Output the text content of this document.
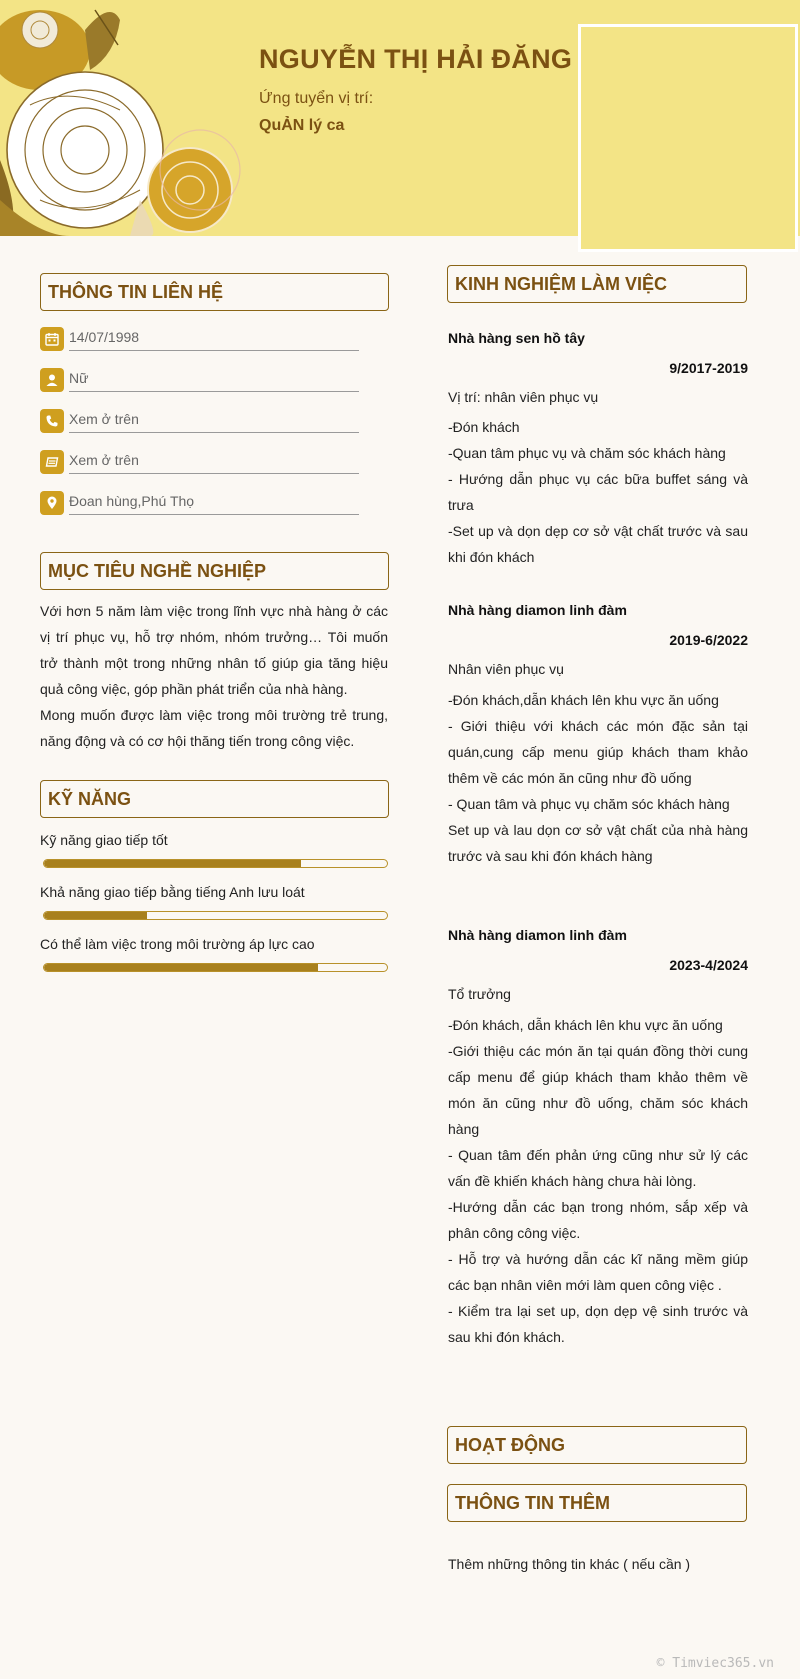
NGUYỄN THỊ HẢI ĐĂNG
Ứng tuyển vị trí:
QuẢN lý ca
THÔNG TIN LIÊN HỆ
14/07/1998
Nữ
Xem ở trên
Xem ở trên
Đoan hùng,Phú Thọ
MỤC TIÊU NGHỀ NGHIỆP
Với hơn 5 năm làm việc trong lĩnh vực nhà hàng ở các vị trí phục vụ, hỗ trợ nhóm, nhóm trưởng… Tôi muốn trở thành một trong những nhân tố giúp gia tăng hiệu quả công việc, góp phần phát triển của nhà hàng.
Mong muốn được làm việc trong môi trường trẻ trung, năng động và có cơ hội thăng tiến trong công việc.
KỸ NĂNG
Kỹ năng giao tiếp tốt
Khả năng giao tiếp bằng tiếng Anh lưu loát
Có thể làm việc trong môi trường áp lực cao
KINH NGHIỆM LÀM VIỆC
Nhà hàng sen hồ tây
9/2017-2019
Vị trí: nhân viên phục vụ
-Đón khách
-Quan tâm phục vụ và chăm sóc khách hàng
- Hướng dẫn phục vụ các bữa buffet sáng và trưa
-Set up và dọn dẹp cơ sở vật chất trước và sau khi đón khách
Nhà hàng diamon linh đàm
2019-6/2022
Nhân viên phục vụ
-Đón khách,dẫn khách lên khu vực ăn uống
- Giới thiệu với khách các món đặc sản tại quán,cung cấp menu giúp khách tham khảo thêm về các món ăn cũng như đồ uống
- Quan tâm và phục vụ chăm sóc khách hàng
Set up và lau dọn cơ sở vật chất của nhà hàng trước và sau khi đón khách hàng
Nhà hàng diamon linh đàm
2023-4/2024
Tổ trưởng
-Đón khách, dẫn khách lên khu vực ăn uống
-Giới thiệu các món ăn tại quán đồng thời cung cấp menu để giúp khách tham khảo thêm về món ăn cũng như đồ uống, chăm sóc khách hàng
- Quan tâm đến phản ứng cũng như sử lý các vấn đề khiến khách hàng chưa hài lòng.
-Hướng dẫn các bạn trong nhóm, sắp xếp và phân công công việc.
- Hỗ trợ và hướng dẫn các kĩ năng mềm giúp các bạn nhân viên mới làm quen công việc .
- Kiểm tra lại set up, dọn dẹp vệ sinh trước và sau khi đón khách.
HOẠT ĐỘNG
THÔNG TIN THÊM
Thêm những thông tin khác ( nếu cần )
© Timviec365.vn
